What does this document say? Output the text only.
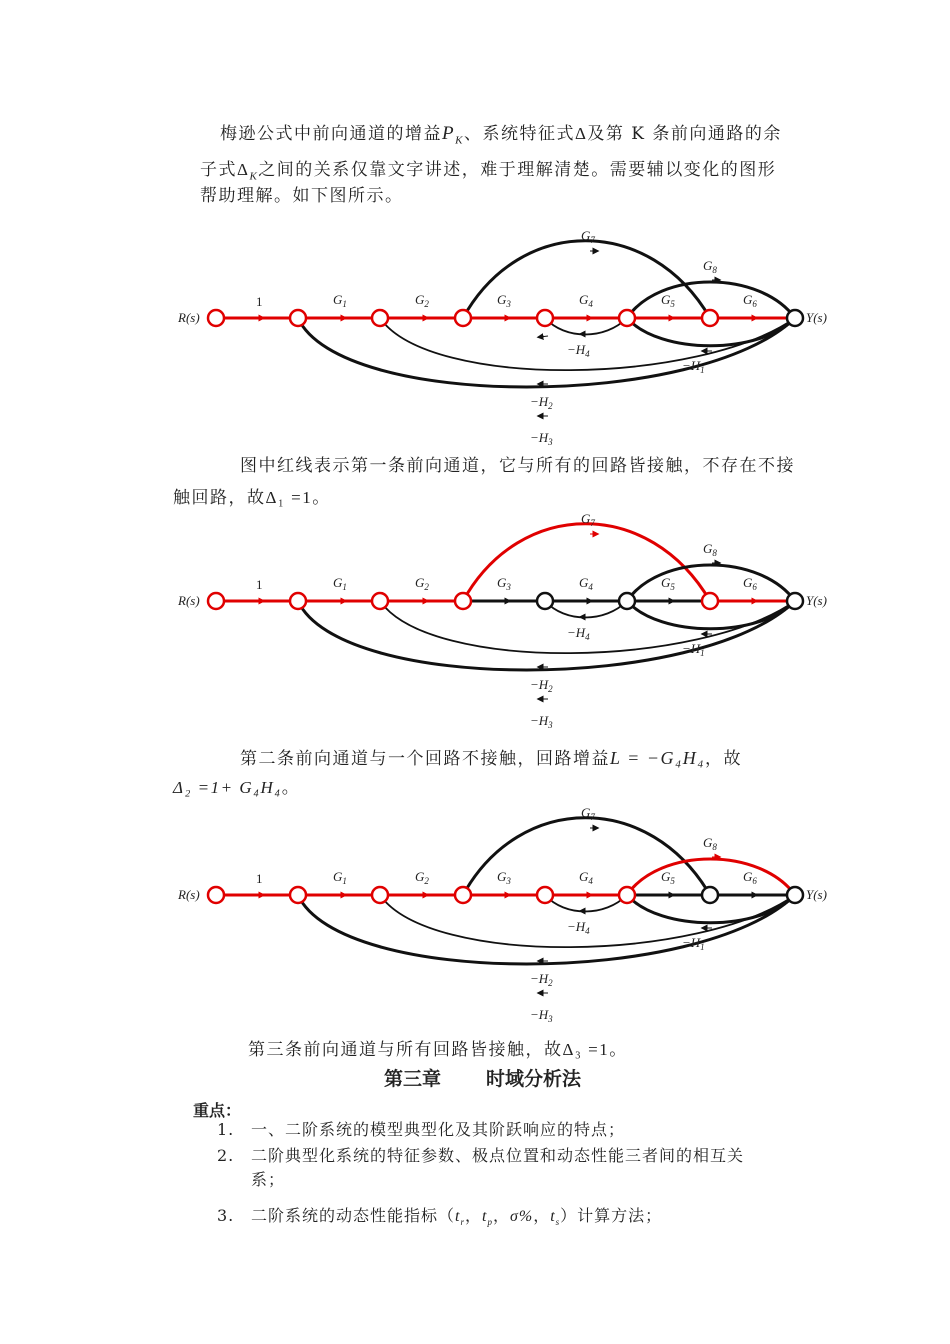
梅逊公式中前向通道的增益$P_K$、系统特征式Δ及第 K 条前向通路的余
子式$\Delta_K$之间的关系仅靠文字讲述，难于理解清楚。需要辅以变化的图形
帮助理解。如下图所示。
R(s)	Y(s)
1	$G_1$	$G_2$	$G_3$	$G_4$	$G_5$	$G_6$
$G_7$
$G_8$
$-H_4$
$-H_1$
$-H_2$
$-H_3$
图中红线表示第一条前向通道，它与所有的回路皆接触，不存在不接
触回路，故Δ₁ =1。
R(s)	Y(s)
1	$G_1$	$G_2$	$G_3$	$G_4$	$G_5$	$G_6$
$G_7$
$G_8$
$-H_4$
$-H_1$
$-H_2$
$-H_3$
第二条前向通道与一个回路不接触，回路增益L = −G₄H₄，故
Δ₂ =1+ G₄H₄。
R(s)	Y(s)
1	$G_1$	$G_2$	$G_3$	$G_4$	$G_5$	$G_6$
$G_7$
$G_8$
$-H_4$
$-H_1$
$-H_2$
$-H_3$
第三条前向通道与所有回路皆接触，故Δ₃ =1。
第三章 时域分析法
重点：
1. 一、二阶系统的模型典型化及其阶跃响应的特点；
2. 二阶典型化系统的特征参数、极点位置和动态性能三者间的相互关
系；
3. 二阶系统的动态性能指标（$t_r$，$t_p$，σ%，$t_s$）计算方法；
